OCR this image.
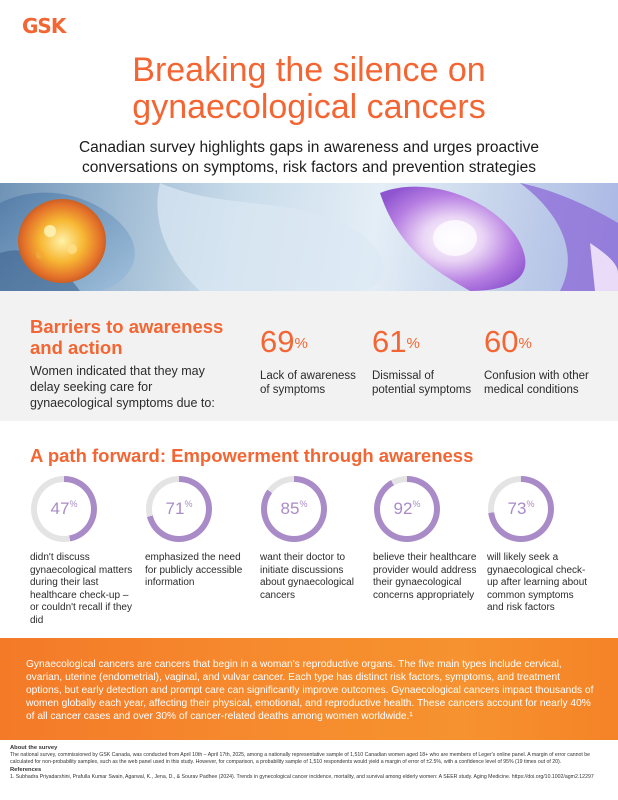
GSK
Breaking the silence on
gynaecological cancers

Canadian survey highlights gaps in awareness and urges proactive
conversations on symptoms, risk factors and prevention strategies

Barriers to awareness
and action

Women indicated that they may delay seeking care for gynaecological symptoms due to:

69%
Lack of awareness
of symptoms
61%
Dismissal of
potential symptoms
60%
Confusion with other
medical conditions
A path forward: Empowerment through awareness
47%

didn't discuss gynaecological matters during their last healthcare check-up – or couldn't recall if they did

71%

emphasized the need for publicly accessible information

85%

want their doctor to initiate discussions about gynaecological cancers

92%

believe their healthcare provider would address their gynaecological concerns appropriately

73%

will likely seek a gynaecological check-up after learning about common symptoms and risk factors

Gynaecological cancers are cancers that begin in a woman's reproductive organs. The five main types include cervical, ovarian, uterine (endometrial), vaginal, and vulvar cancer. Each type has distinct risk factors, symptoms, and treatment options, but early detection and prompt care can significantly improve outcomes. Gynaecological cancers impact thousands of women globally each year, affecting their physical, emotional, and reproductive health. These cancers account for nearly 40% of all cancer cases and over 30% of cancer-related deaths among women worldwide.¹

About the survey
The national survey, commissioned by GSK Canada, was conducted from April 10th – April 17th, 2025, among a nationally representative sample of 1,510 Canadian women aged 18+ who are members of Leger's online panel. A margin of error cannot be calculated for non-probability samples, such as the web panel used in this study. However, for comparison, a probability sample of 1,510 respondents would yield a margin of error of ±2.5%, with a confidence level of 95% (19 times out of 20).
References
1. Subhadra Priyadarshini, Prafulla Kumar Swain, Agarwal, K., Jena, D., & Sourav Padhee (2024). Trends in gynecological cancer incidence, mortality, and survival among elderly women: A SEER study. Aging Medicine. https://doi.org/10.1002/agm2.12297
